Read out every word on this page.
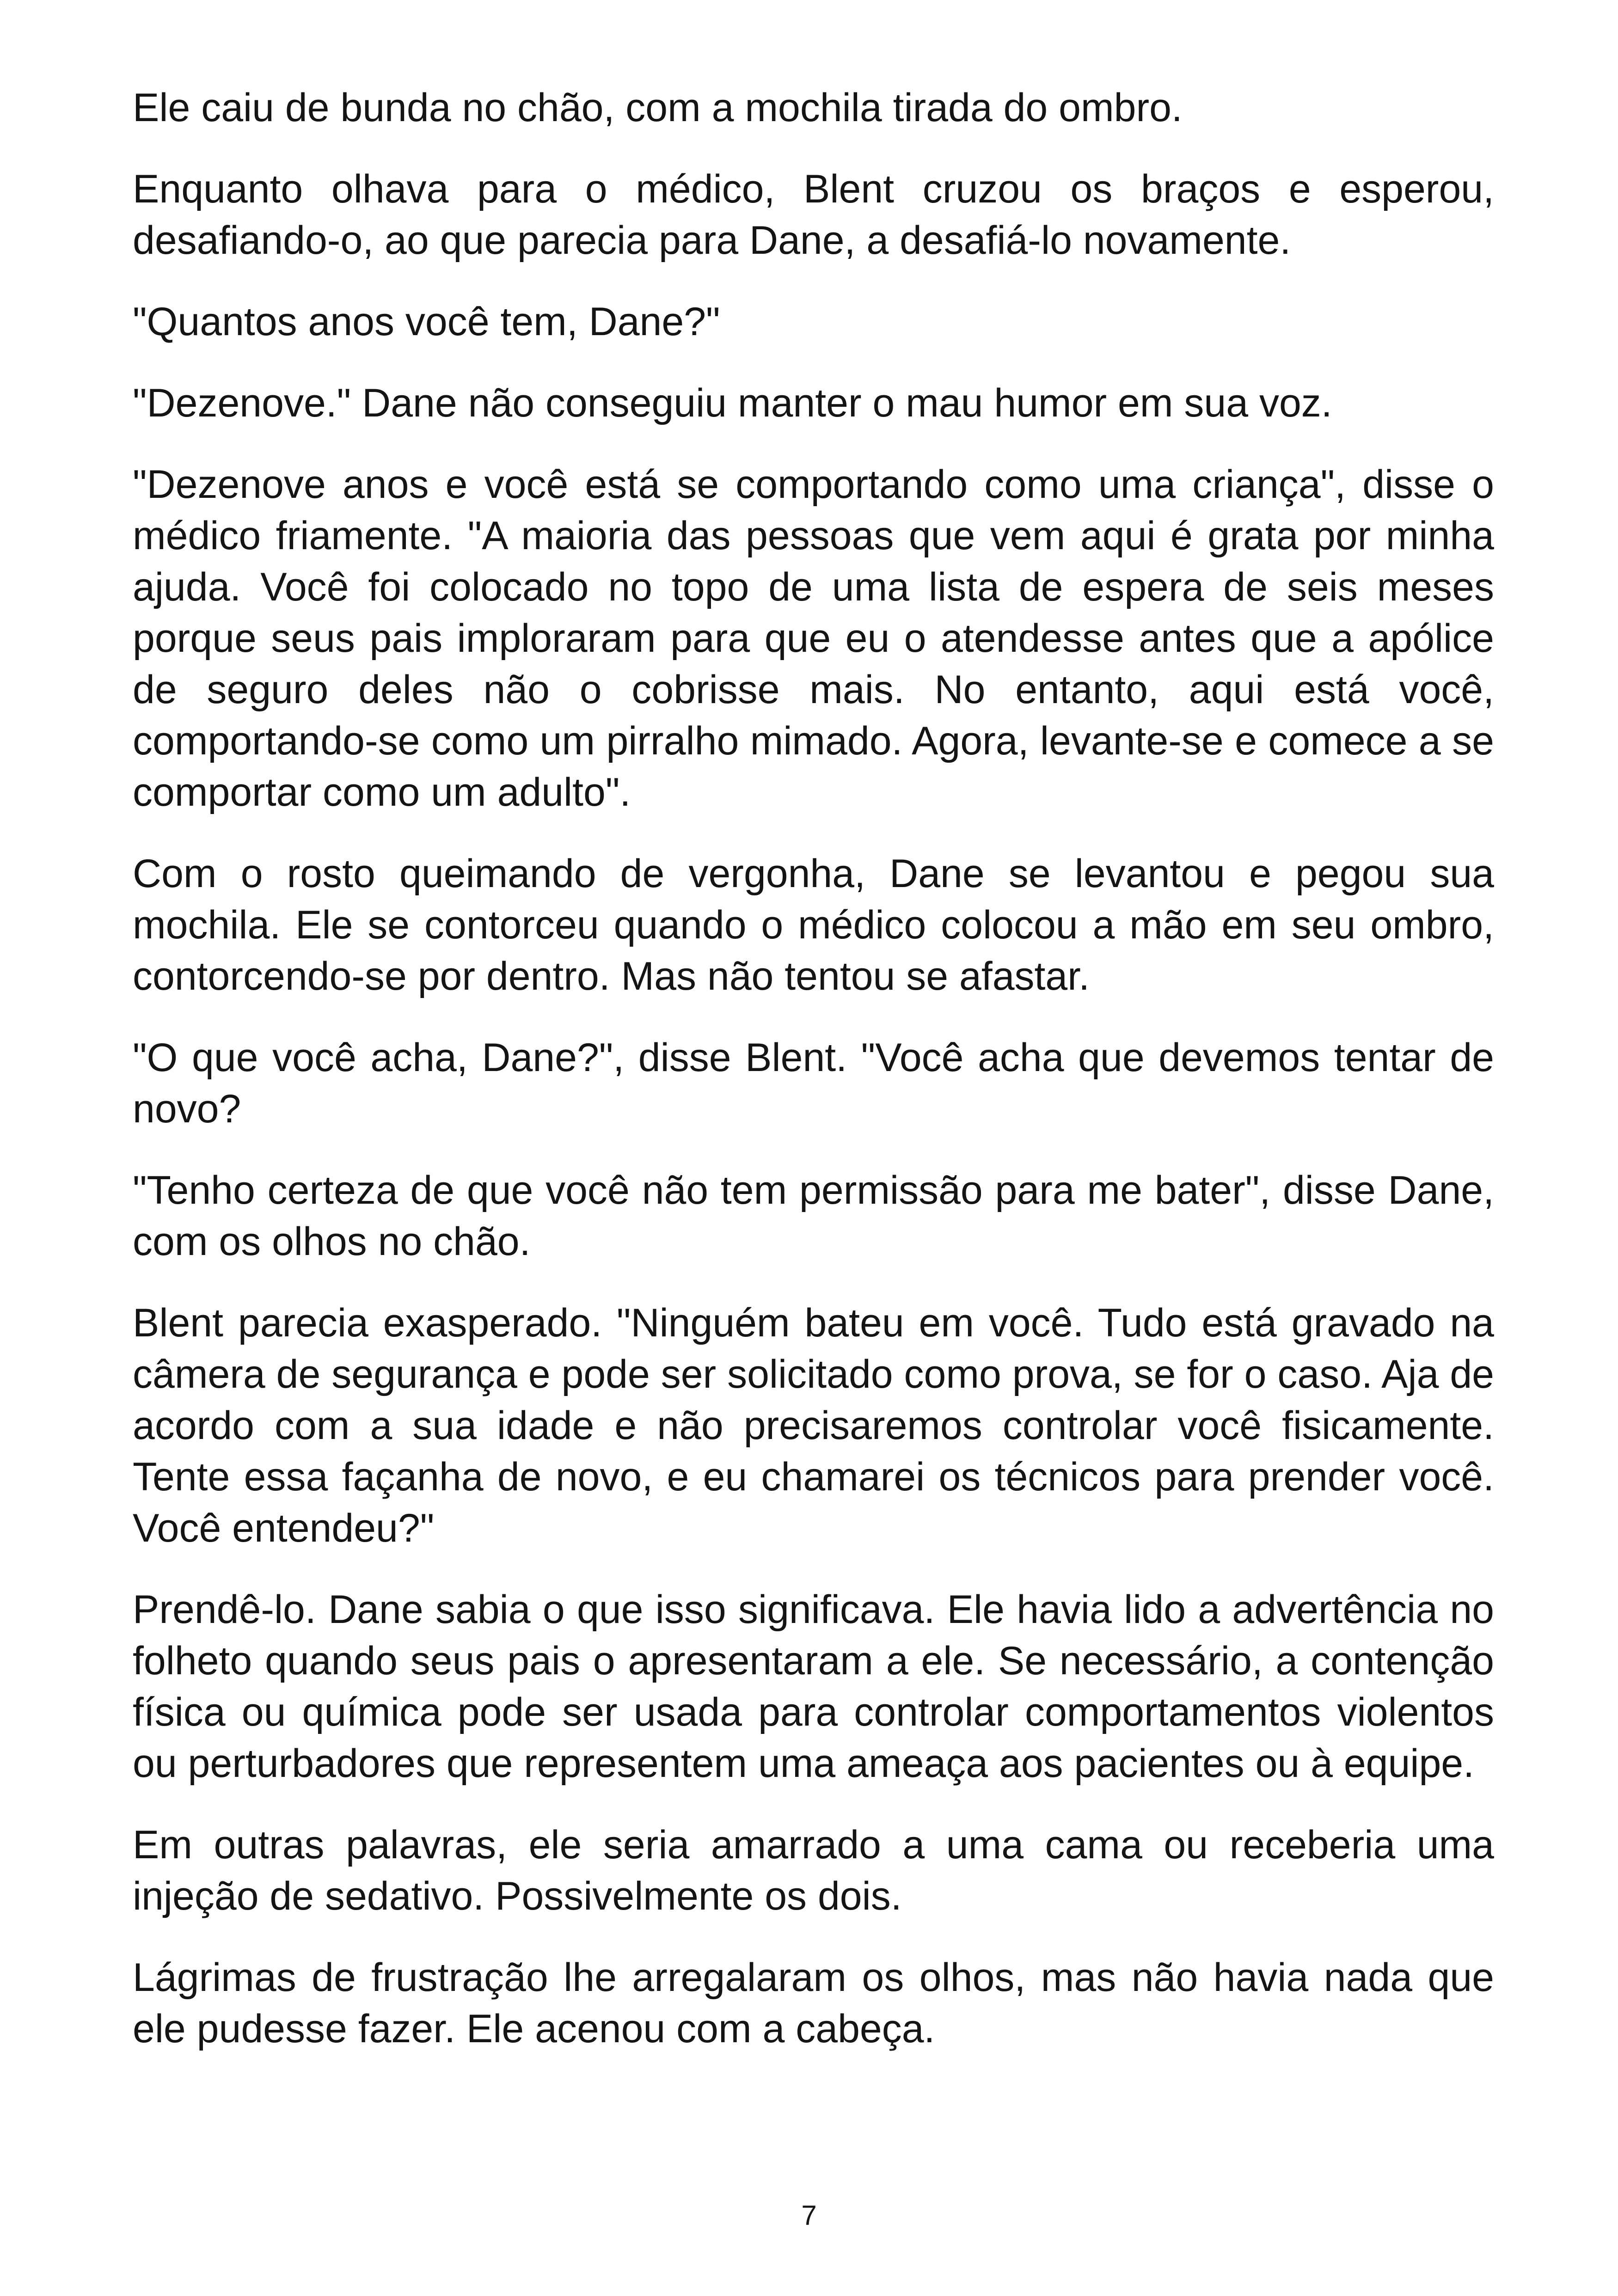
Ele caiu de bunda no chão, com a mochila tirada do ombro.

Enquanto olhava para o médico, Blent cruzou os braços e esperou, desafiando-o, ao que parecia para Dane, a desafiá-lo novamente.

"Quantos anos você tem, Dane?"

"Dezenove." Dane não conseguiu manter o mau humor em sua voz.

"Dezenove anos e você está se comportando como uma criança", disse o médico friamente. "A maioria das pessoas que vem aqui é grata por minha ajuda. Você foi colocado no topo de uma lista de espera de seis meses porque seus pais imploraram para que eu o atendesse antes que a apólice de seguro deles não o cobrisse mais. No entanto, aqui está você, comportando-se como um pirralho mimado. Agora, levante-se e comece a se comportar como um adulto".

Com o rosto queimando de vergonha, Dane se levantou e pegou sua mochila. Ele se contorceu quando o médico colocou a mão em seu ombro, contorcendo-se por dentro. Mas não tentou se afastar.

"O que você acha, Dane?", disse Blent. "Você acha que devemos tentar de novo?

"Tenho certeza de que você não tem permissão para me bater", disse Dane, com os olhos no chão.

Blent parecia exasperado. "Ninguém bateu em você. Tudo está gravado na câmera de segurança e pode ser solicitado como prova, se for o caso. Aja de acordo com a sua idade e não precisaremos controlar você fisicamente. Tente essa façanha de novo, e eu chamarei os técnicos para prender você. Você entendeu?"

Prendê-lo. Dane sabia o que isso significava. Ele havia lido a advertência no folheto quando seus pais o apresentaram a ele. Se necessário, a contenção física ou química pode ser usada para controlar comportamentos violentos ou perturbadores que representem uma ameaça aos pacientes ou à equipe.

Em outras palavras, ele seria amarrado a uma cama ou receberia uma injeção de sedativo. Possivelmente os dois.

Lágrimas de frustração lhe arregalaram os olhos, mas não havia nada que ele pudesse fazer. Ele acenou com a cabeça.

7
